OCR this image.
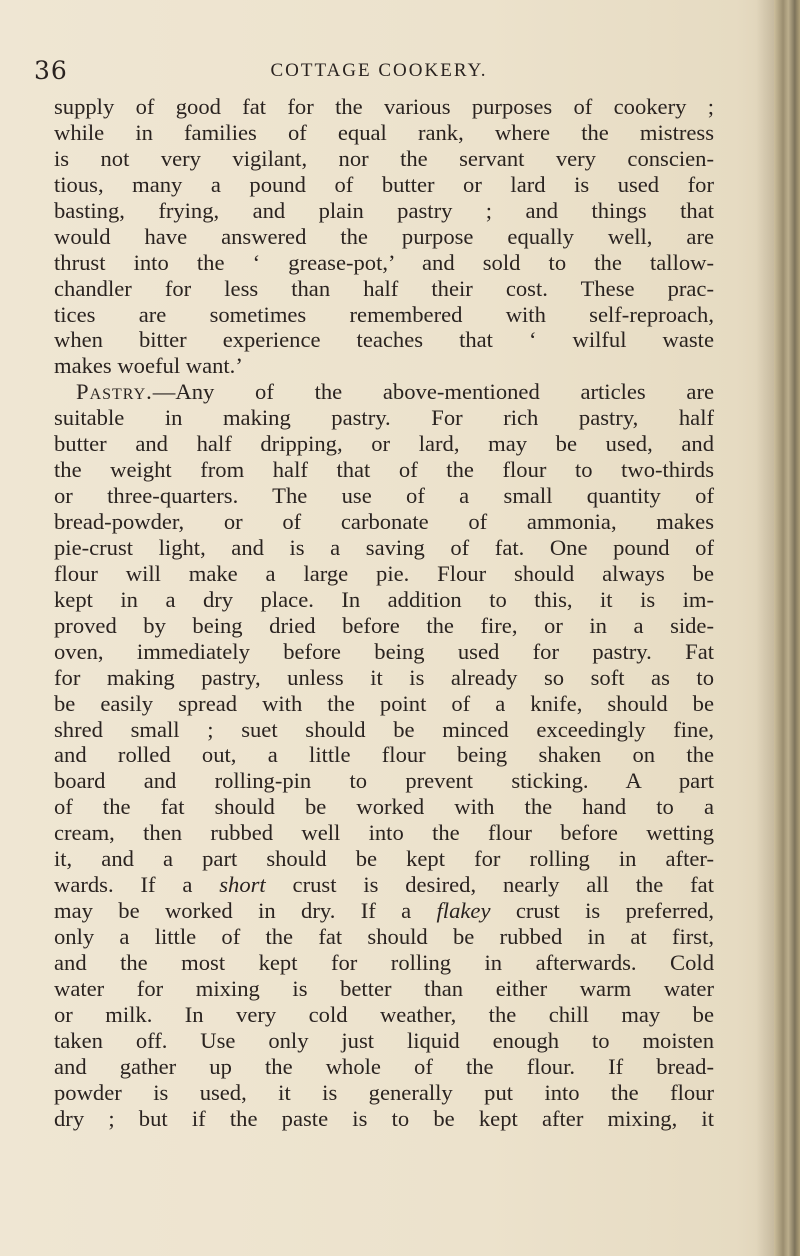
36	COTTAGE COOKERY.
supply of good fat for the various purposes of cookery ;
while in families of equal rank, where the mistress
is not very vigilant, nor the servant very conscien-
tious, many a pound of butter or lard is used for
basting, frying, and plain pastry ; and things that
would have answered the purpose equally well, are
thrust into the ‘ grease-pot,’ and sold to the tallow-
chandler for less than half their cost. These prac-
tices are sometimes remembered with self-reproach,
when bitter experience teaches that ‘ wilful waste
makes woeful want.’
Pastry.—Any of the above-mentioned articles are
suitable in making pastry. For rich pastry, half
butter and half dripping, or lard, may be used, and
the weight from half that of the flour to two-thirds
or three-quarters. The use of a small quantity of
bread-powder, or of carbonate of ammonia, makes
pie-crust light, and is a saving of fat. One pound of
flour will make a large pie. Flour should always be
kept in a dry place. In addition to this, it is im-
proved by being dried before the fire, or in a side-
oven, immediately before being used for pastry. Fat
for making pastry, unless it is already so soft as to
be easily spread with the point of a knife, should be
shred small ; suet should be minced exceedingly fine,
and rolled out, a little flour being shaken on the
board and rolling-pin to prevent sticking. A part
of the fat should be worked with the hand to a
cream, then rubbed well into the flour before wetting
it, and a part should be kept for rolling in after-
wards. If a short crust is desired, nearly all the fat
may be worked in dry. If a flakey crust is preferred,
only a little of the fat should be rubbed in at first,
and the most kept for rolling in afterwards. Cold
water for mixing is better than either warm water
or milk. In very cold weather, the chill may be
taken off. Use only just liquid enough to moisten
and gather up the whole of the flour. If bread-
powder is used, it is generally put into the flour
dry ; but if the paste is to be kept after mixing, it
